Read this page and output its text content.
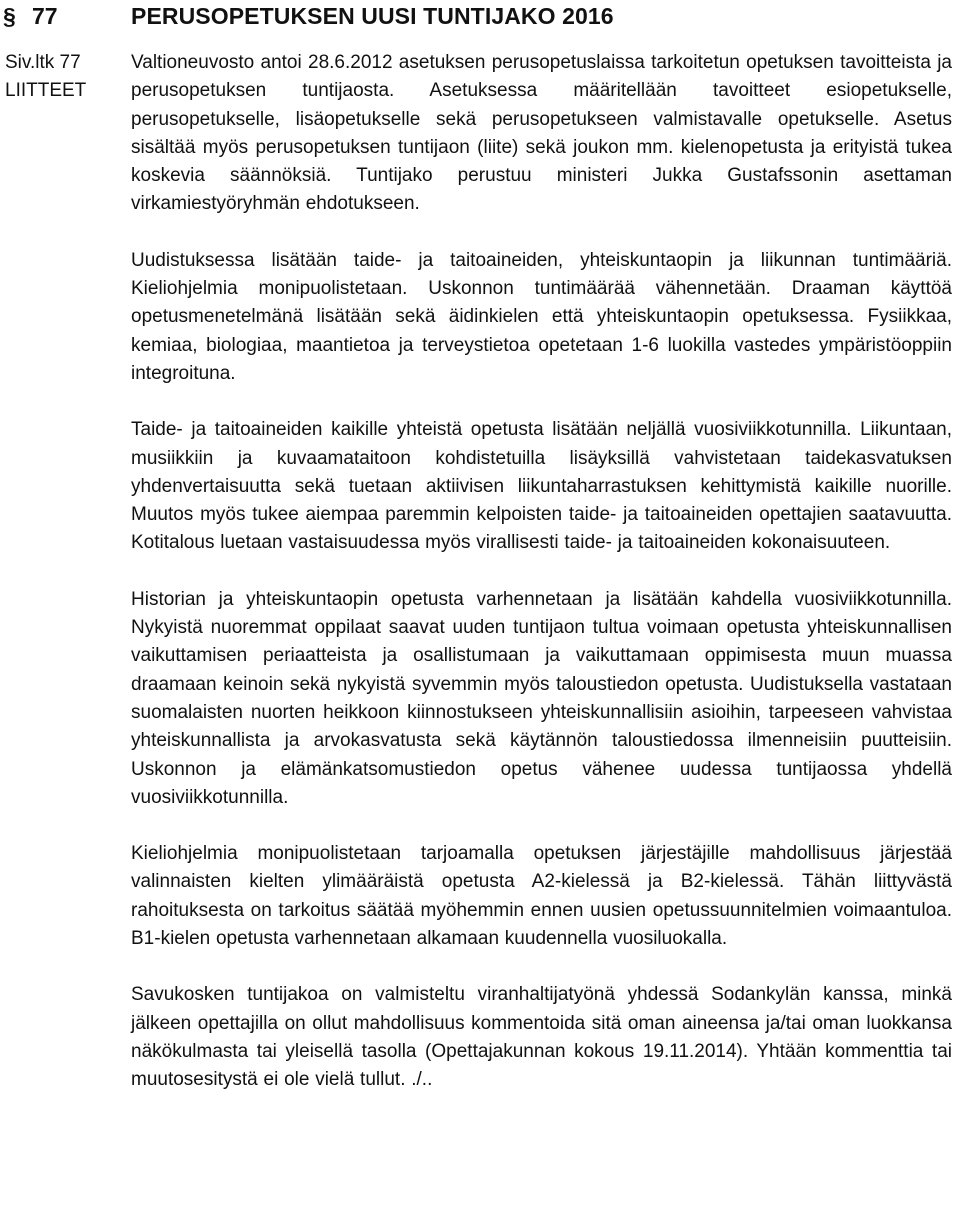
§ 77	PERUSOPETUKSEN UUSI TUNTIJAKO 2016
Siv.ltk 77
LIITTEET

Valtioneuvosto antoi 28.6.2012 asetuksen perusopetuslaissa tarkoitetun opetuksen tavoitteista ja perusopetuksen tuntijaosta. Asetuksessa määritellään tavoitteet esiopetukselle, perusopetukselle, lisäopetukselle sekä perusopetukseen valmistavalle opetukselle. Asetus sisältää myös perusopetuksen tuntijaon (liite) sekä joukon mm. kielenopetusta ja erityistä tukea koskevia säännöksiä. Tuntijako perustuu ministeri Jukka Gustafssonin asettaman virkamiestyöryhmän ehdotukseen.

Uudistuksessa lisätään taide- ja taitoaineiden, yhteiskuntaopin ja liikunnan tuntimääriä. Kieliohjelmia monipuolistetaan. Uskonnon tuntimäärää vähennetään. Draaman käyttöä opetusmenetelmänä lisätään sekä äidinkielen että yhteiskuntaopin opetuksessa. Fysiikkaa, kemiaa, biologiaa, maantietoa ja terveystietoa opetetaan 1-6 luokilla vastedes ympäristöoppiin integroituna.

Taide- ja taitoaineiden kaikille yhteistä opetusta lisätään neljällä vuosiviikkotunnilla. Liikuntaan, musiikkiin ja kuvaamataitoon kohdistetuilla lisäyksillä vahvistetaan taidekasvatuksen yhdenvertaisuutta sekä tuetaan aktiivisen liikuntaharrastuksen kehittymistä kaikille nuorille. Muutos myös tukee aiempaa paremmin kelpoisten taide- ja taitoaineiden opettajien saatavuutta. Kotitalous luetaan vastaisuudessa myös virallisesti taide- ja taitoaineiden kokonaisuuteen.

Historian ja yhteiskuntaopin opetusta varhennetaan ja lisätään kahdella vuosiviikkotunnilla. Nykyistä nuoremmat oppilaat saavat uuden tuntijaon tultua voimaan opetusta yhteiskunnallisen vaikuttamisen periaatteista ja osallistumaan ja vaikuttamaan oppimisesta muun muassa draamaan keinoin sekä nykyistä syvemmin myös taloustiedon opetusta. Uudistuksella vastataan suomalaisten nuorten heikkoon kiinnostukseen yhteiskunnallisiin asioihin, tarpeeseen vahvistaa yhteiskunnallista ja arvokasvatusta sekä käytännön taloustiedossa ilmenneisiin puutteisiin. Uskonnon ja elämänkatsomustiedon opetus vähenee uudessa tuntijaossa yhdellä vuosiviikkotunnilla.

Kieliohjelmia monipuolistetaan tarjoamalla opetuksen järjestäjille mahdollisuus järjestää valinnaisten kielten ylimääräistä opetusta A2-kielessä ja B2-kielessä. Tähän liittyvästä rahoituksesta on tarkoitus säätää myöhemmin ennen uusien opetussuunnitelmien voimaantuloa. B1-kielen opetusta varhennetaan alkamaan kuudennella vuosiluokalla.

Savukosken tuntijakoa on valmisteltu viranhaltijatyönä yhdessä Sodankylän kanssa, minkä jälkeen opettajilla on ollut mahdollisuus kommentoida sitä oman aineensa ja/tai oman luokkansa näkökulmasta tai yleisellä tasolla (Opettajakunnan kokous 19.11.2014). Yhtään kommenttia tai muutosesitystä ei ole vielä tullut. ./..
